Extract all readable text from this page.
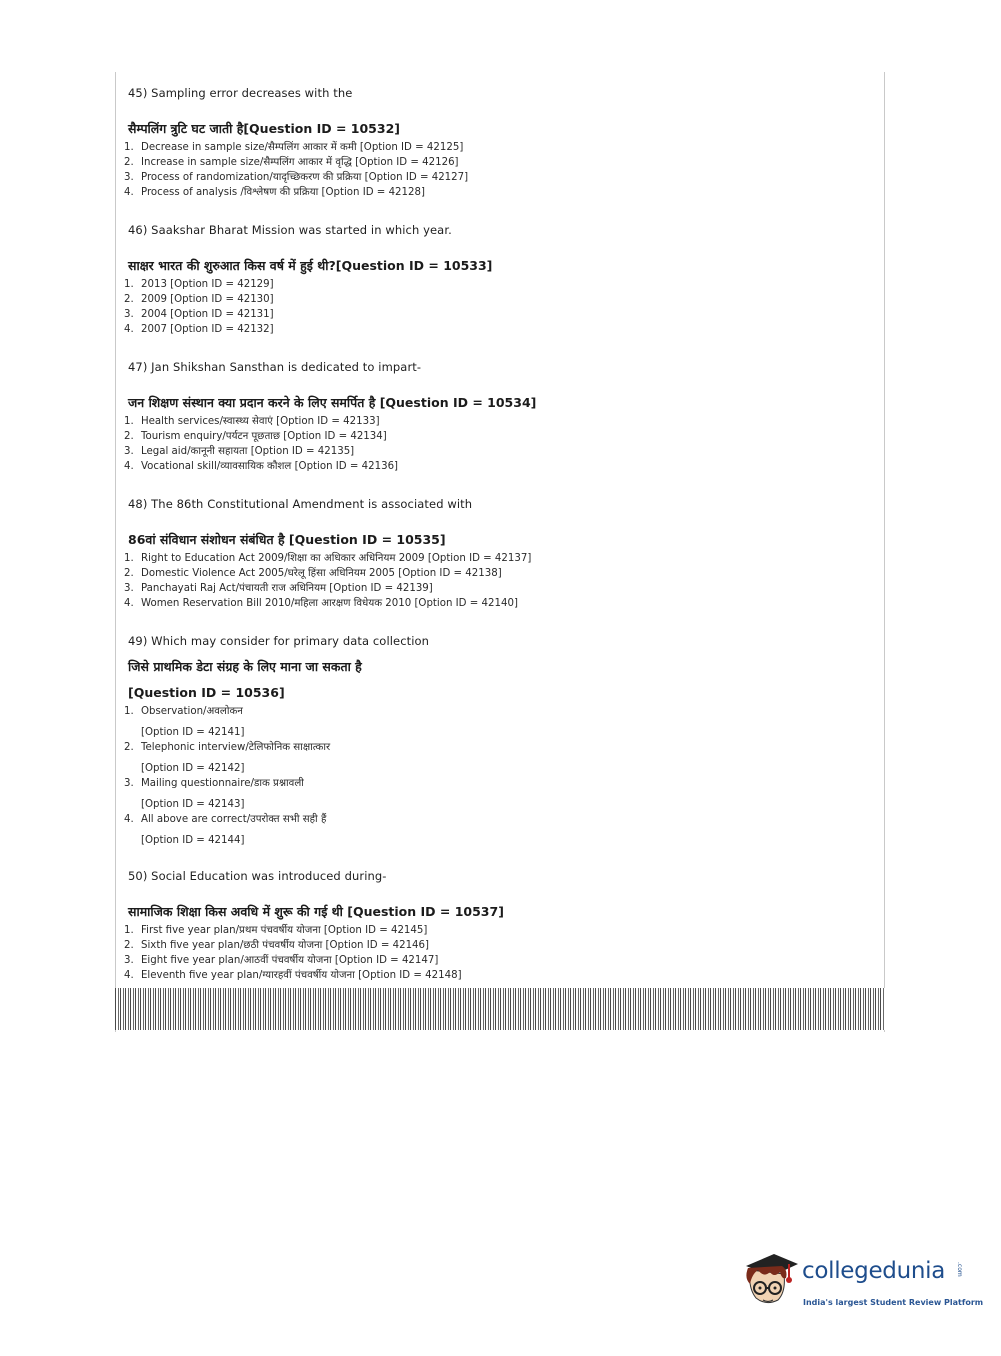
45) Sampling error decreases with the
सैम्पलिंग त्रुटि घट जाती है[Question ID = 10532]
1. Decrease in sample size/सैम्पलिंग आकार में कमी [Option ID = 42125]
2. Increase in sample size/सैम्पलिंग आकार में वृद्धि [Option ID = 42126]
3. Process of randomization/यादृच्छिकरण की प्रक्रिया [Option ID = 42127]
4. Process of analysis /विश्लेषण की प्रक्रिया [Option ID = 42128]
46) Saakshar Bharat Mission was started in which year.
साक्षर भारत की शुरुआत किस वर्ष में हुई थी?[Question ID = 10533]
1. 2013 [Option ID = 42129]
2. 2009 [Option ID = 42130]
3. 2004 [Option ID = 42131]
4. 2007 [Option ID = 42132]
47) Jan Shikshan Sansthan is dedicated to impart-
जन शिक्षण संस्थान क्या प्रदान करने के लिए समर्पित है [Question ID = 10534]
1. Health services/स्वास्थ्य सेवाएं [Option ID = 42133]
2. Tourism enquiry/पर्यटन पूछताछ [Option ID = 42134]
3. Legal aid/कानूनी सहायता [Option ID = 42135]
4. Vocational skill/व्यावसायिक कौशल [Option ID = 42136]
48) The 86th Constitutional Amendment is associated with
86वां संविधान संशोधन संबंधित है [Question ID = 10535]
1. Right to Education Act 2009/शिक्षा का अधिकार अधिनियम 2009 [Option ID = 42137]
2. Domestic Violence Act 2005/घरेलू हिंसा अधिनियम 2005 [Option ID = 42138]
3. Panchayati Raj Act/पंचायती राज अधिनियम [Option ID = 42139]
4. Women Reservation Bill 2010/महिला आरक्षण विधेयक 2010 [Option ID = 42140]
49) Which may consider for primary data collection
जिसे प्राथमिक डेटा संग्रह के लिए माना जा सकता है
[Question ID = 10536]
1. Observation/अवलोकन
[Option ID = 42141]
2. Telephonic interview/टेलिफोनिक साक्षात्कार
[Option ID = 42142]
3. Mailing questionnaire/डाक प्रश्नावली
[Option ID = 42143]
4. All above are correct/उपरोक्त सभी सही हैं
[Option ID = 42144]
50) Social Education was introduced during-
सामाजिक शिक्षा किस अवधि में शुरू की गई थी [Question ID = 10537]
1. First five year plan/प्रथम पंचवर्षीय योजना [Option ID = 42145]
2. Sixth five year plan/छठी पंचवर्षीय योजना [Option ID = 42146]
3. Eight five year plan/आठवीं पंचवर्षीय योजना [Option ID = 42147]
4. Eleventh five year plan/ग्यारहवीं पंचवर्षीय योजना [Option ID = 42148]
collegedunia .com
India's largest Student Review Platform
